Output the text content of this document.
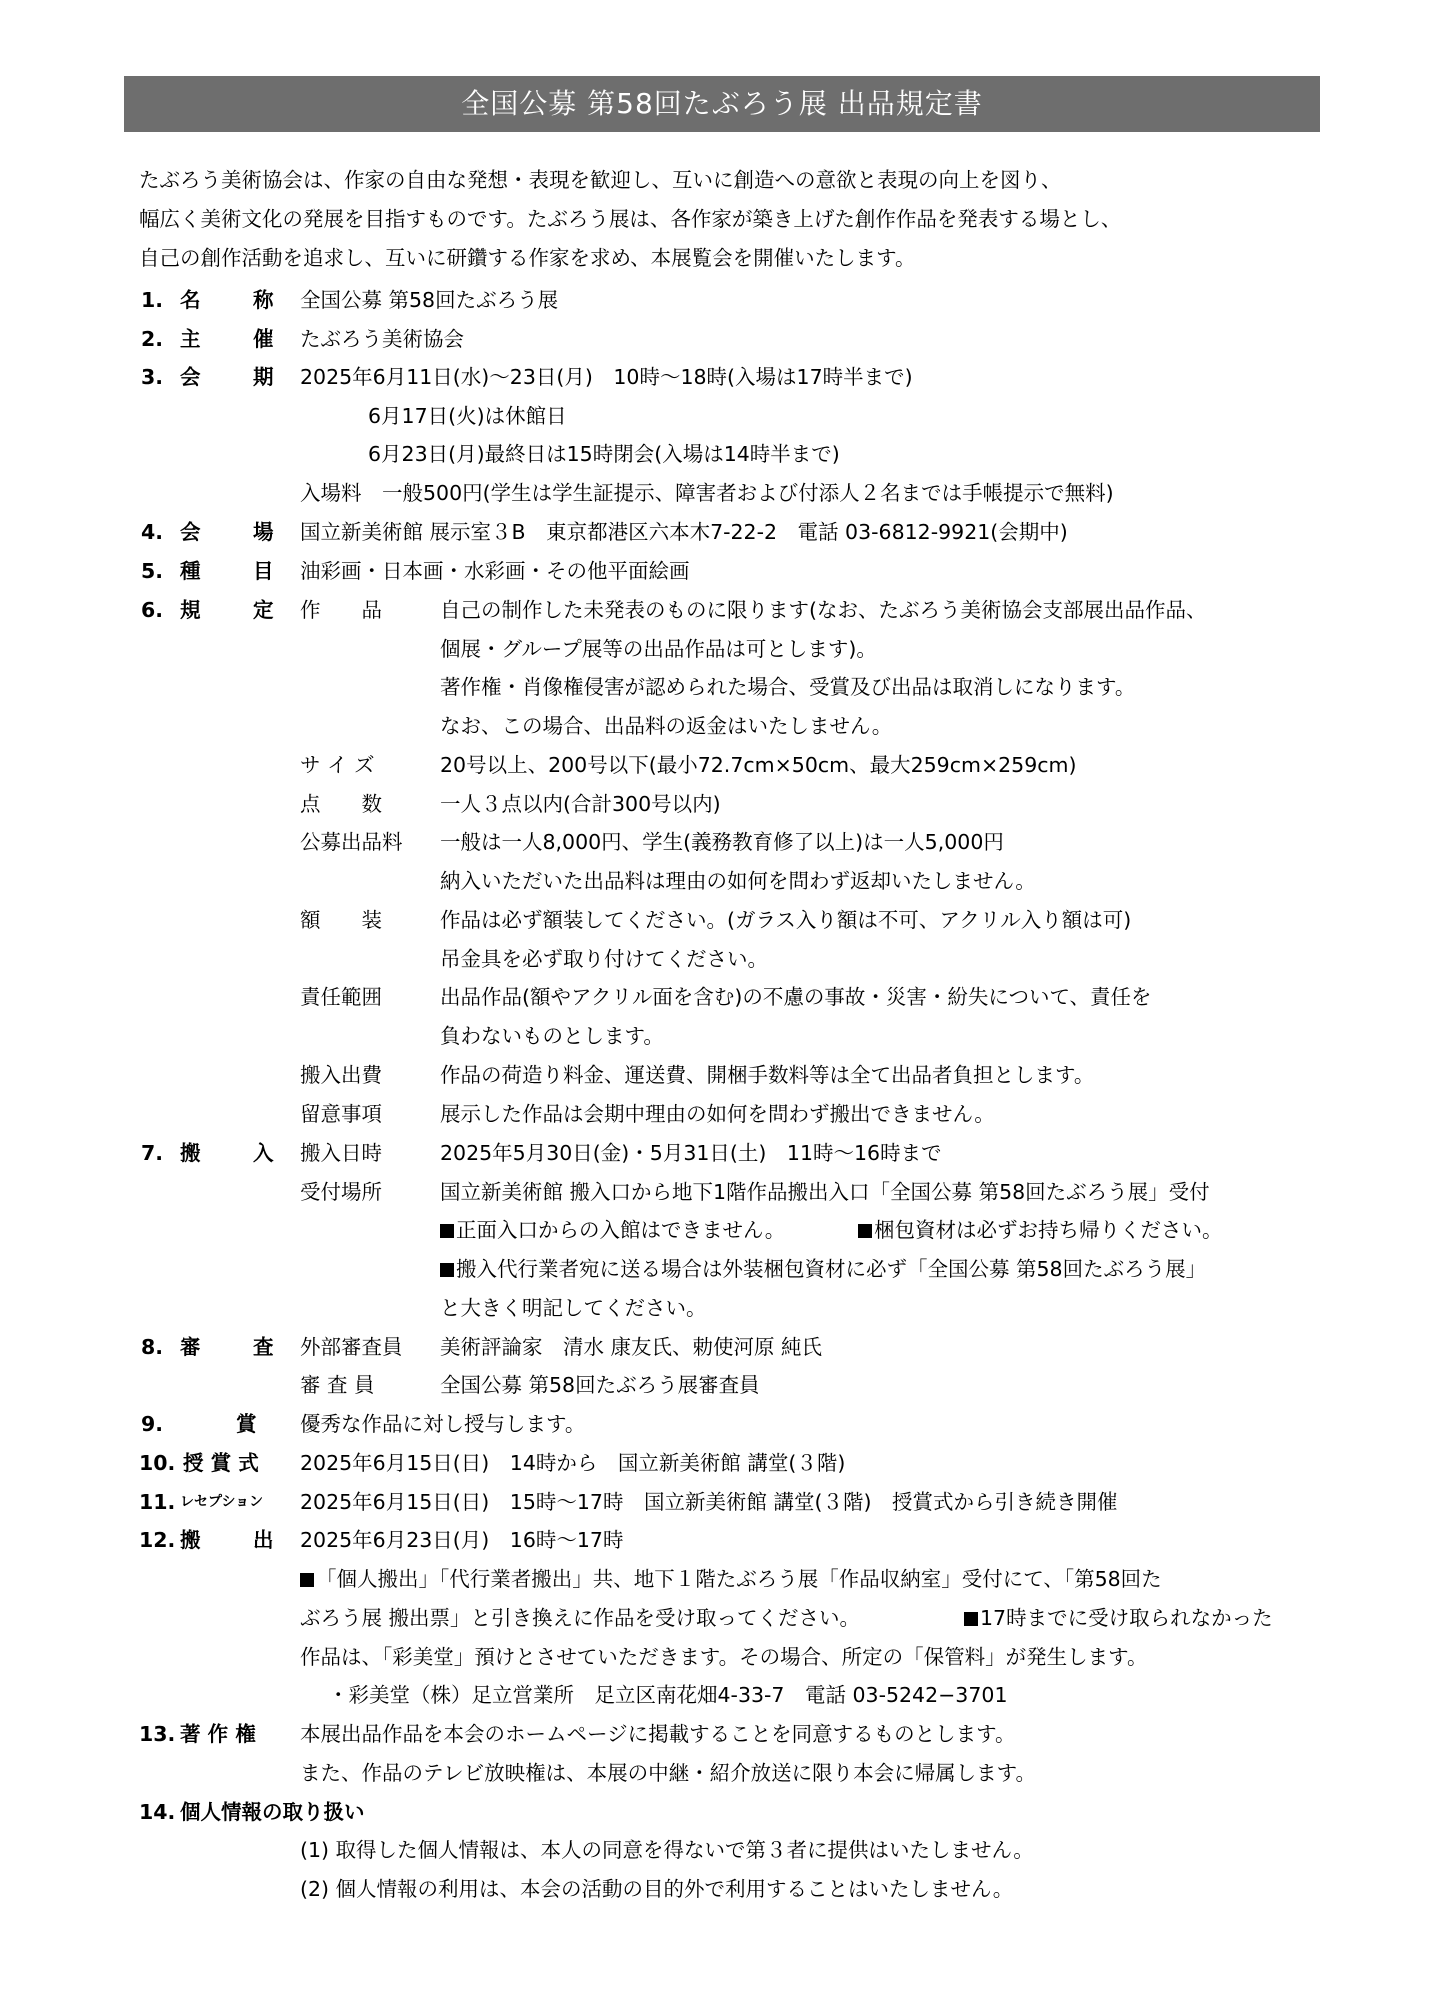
全国公募 第58回たぶろう展 出品規定書
たぶろう美術協会は、作家の自由な発想・表現を歓迎し、互いに創造への意欲と表現の向上を図り、
幅広く美術文化の発展を目指すものです。たぶろう展は、各作家が築き上げた創作作品を発表する場とし、
自己の創作活動を追求し、互いに研鑽する作家を求め、本展覧会を開催いたします。
1. 名	称 全国公募 第58回たぶろう展
2. 主	催 たぶろう美術協会
3. 会	期 2025年6月11日(水)〜23日(月)　10時〜18時(入場は17時半まで)
6月17日(火)は休館日
6月23日(月)最終日は15時閉会(入場は14時半まで)
入場料　一般500円(学生は学生証提示、障害者および付添人２名までは手帳提示で無料)
4. 会	場 国立新美術館 展示室３B　東京都港区六本木7-22-2　電話 03-6812-9921(会期中)
5. 種	目 油彩画・日本画・水彩画・その他平面絵画
6. 規	定 作　　品	自己の制作した未発表のものに限ります(なお、たぶろう美術協会支部展出品作品、
個展・グループ展等の出品作品は可とします)。
著作権・肖像権侵害が認められた場合、受賞及び出品は取消しになります。
なお、この場合、出品料の返金はいたしません。
サ イ ズ	20号以上、200号以下(最小72.7cm×50cm、最大259cm×259cm)
点　　数	一人３点以内(合計300号以内)
公募出品料 一般は一人8,000円、学生(義務教育修了以上)は一人5,000円
納入いただいた出品料は理由の如何を問わず返却いたしません。
額　　装	作品は必ず額装してください。(ガラス入り額は不可、アクリル入り額は可)
吊金具を必ず取り付けてください。
責任範囲	出品作品(額やアクリル面を含む)の不慮の事故・災害・紛失について、責任を
負わないものとします。
搬入出費	作品の荷造り料金、運送費、開梱手数料等は全て出品者負担とします。
留意事項	展示した作品は会期中理由の如何を問わず搬出できません。
7. 搬	入 搬入日時	2025年5月30日(金)・5月31日(土)　11時〜16時まで
受付場所	国立新美術館 搬入口から地下1階作品搬出入口「全国公募 第58回たぶろう展」受付
正面入口からの入館はできません。	梱包資材は必ずお持ち帰りください。
搬入代行業者宛に送る場合は外装梱包資材に必ず「全国公募 第58回たぶろう展」
と大きく明記してください。
8. 審	査 外部審査員 美術評論家　清水 康友氏、勅使河原 純氏
審 査 員	全国公募 第58回たぶろう展審査員
9.	賞 優秀な作品に対し授与します。
10. 授 賞 式 2025年6月15日(日)　14時から　国立新美術館 講堂(３階)
11. レセプション 2025年6月15日(日)　15時〜17時　国立新美術館 講堂(３階)　授賞式から引き続き開催
12. 搬	出 2025年6月23日(月)　16時〜17時
「個人搬出」「代行業者搬出」共、地下１階たぶろう展「作品収納室」受付にて、「第58回た
ぶろう展 搬出票」と引き換えに作品を受け取ってください。	17時までに受け取られなかった
作品は、「彩美堂」預けとさせていただきます。その場合、所定の「保管料」が発生します。
・彩美堂（株）足立営業所　足立区南花畑4-33-7　電話 03-5242−3701
13. 著 作 権 本展出品作品を本会のホームページに掲載することを同意するものとします。
また、作品のテレビ放映権は、本展の中継・紹介放送に限り本会に帰属します。
14. 個人情報の取り扱い
(1) 取得した個人情報は、本人の同意を得ないで第３者に提供はいたしません。
(2) 個人情報の利用は、本会の活動の目的外で利用することはいたしません。
